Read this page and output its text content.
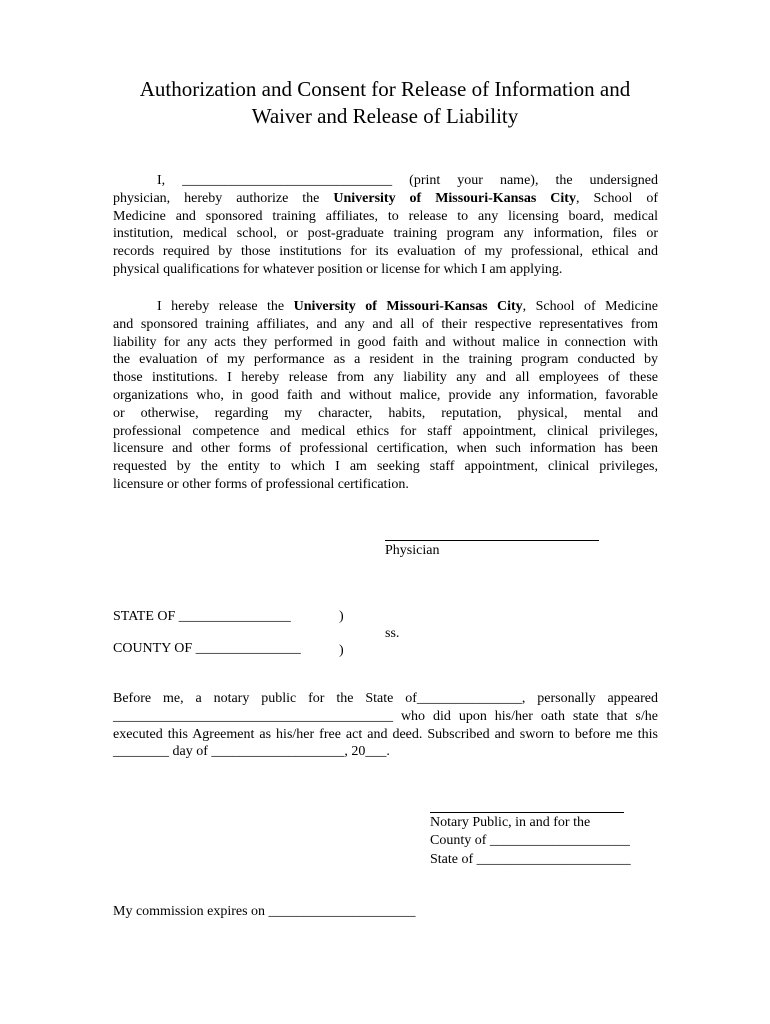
Authorization and Consent for Release of Information and
Waiver and Release of Liability
I, ______________________________ (print your name), the undersigned
physician, hereby authorize the University of Missouri-Kansas City, School of
Medicine and sponsored training affiliates, to release to any licensing board, medical
institution, medical school, or post-graduate training program any information, files or
records required by those institutions for its evaluation of my professional, ethical and
physical qualifications for whatever position or license for which I am applying.
I hereby release the University of Missouri-Kansas City, School of Medicine
and sponsored training affiliates, and any and all of their respective representatives from
liability for any acts they performed in good faith and without malice in connection with
the evaluation of my performance as a resident in the training program conducted by
those institutions. I hereby release from any liability any and all employees of these
organizations who, in good faith and without malice, provide any information, favorable
or otherwise, regarding my character, habits, reputation, physical, mental and
professional competence and medical ethics for staff appointment, clinical privileges,
licensure and other forms of professional certification, when such information has been
requested by the entity to which I am seeking staff appointment, clinical privileges,
licensure or other forms of professional certification.
Physician
STATE OF ________________	)
ss.
COUNTY OF _______________	)
Before me, a notary public for the State of_______________, personally appeared
________________________________________ who did upon his/her oath state that s/he
executed this Agreement as his/her free act and deed. Subscribed and sworn to before me this
________ day of ___________________, 20___.
Notary Public, in and for the
County of ____________________
State of ______________________
My commission expires on _____________________
